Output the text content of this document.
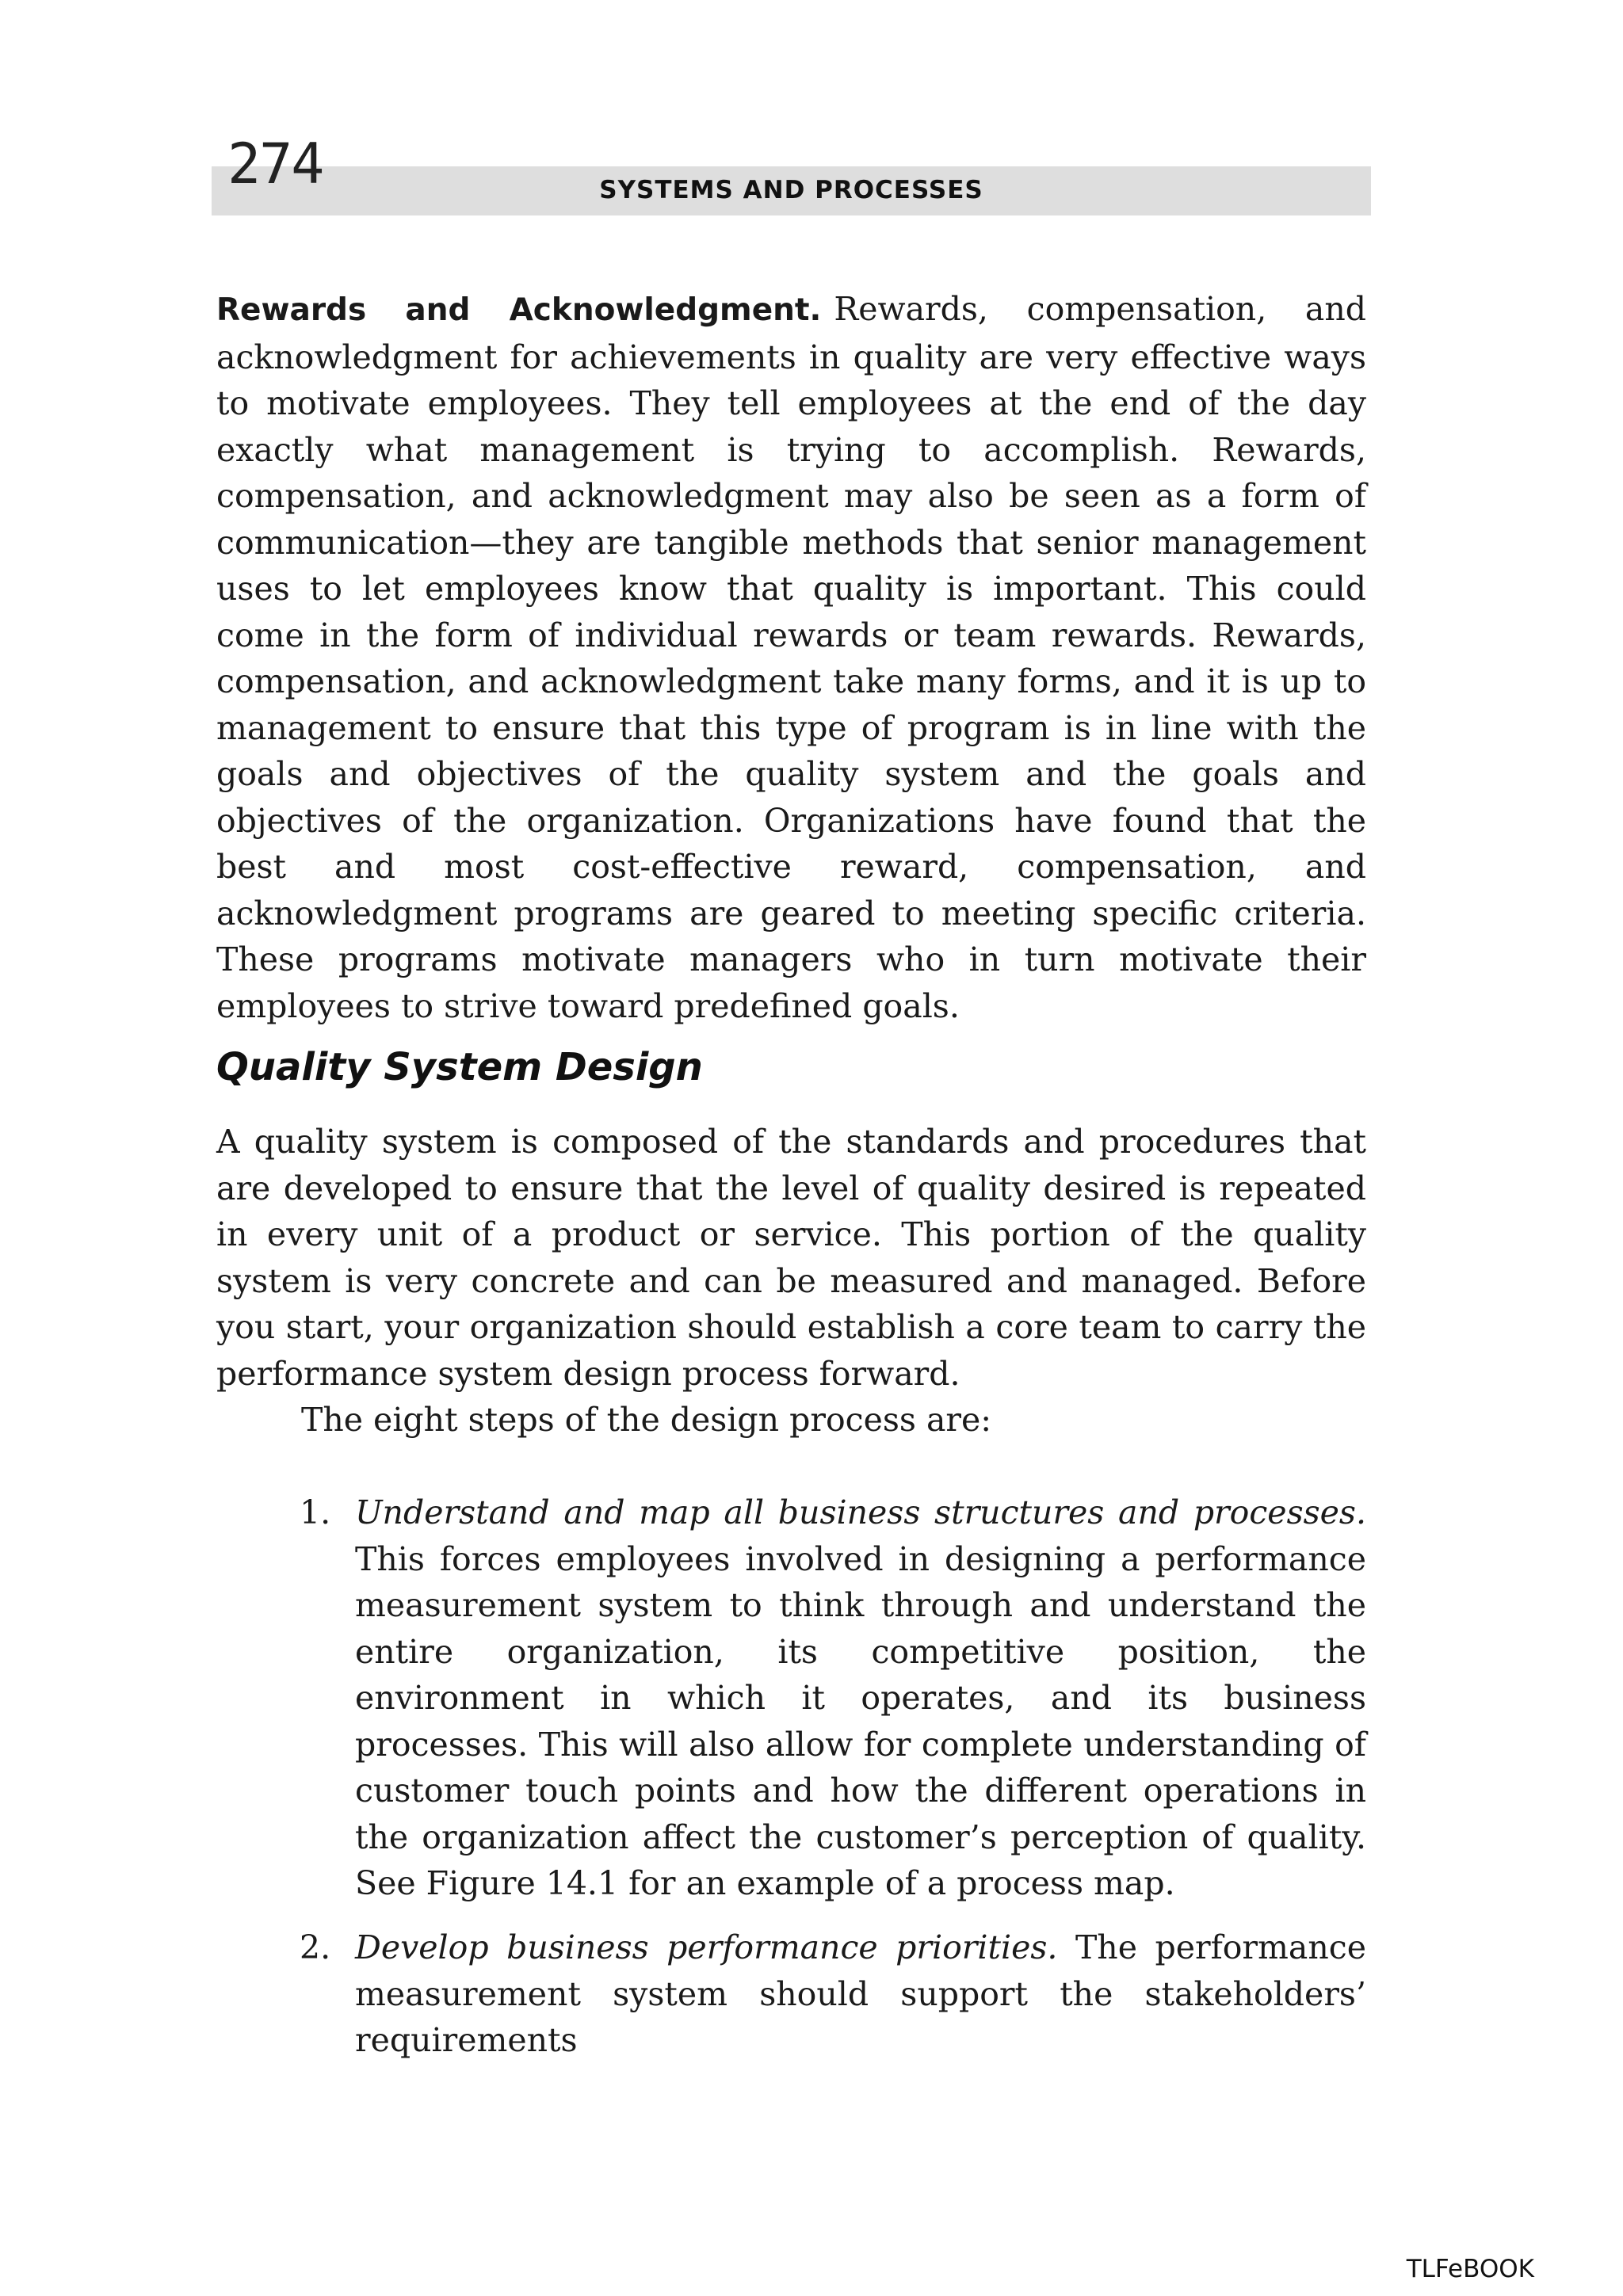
274	SYSTEMS AND PROCESSES
Rewards and Acknowledgment. Rewards, compensation, and acknowledgment for achievements in quality are very effective ways to motivate employees. They tell employees at the end of the day exactly what management is trying to accomplish. Rewards, compensation, and acknowledgment may also be seen as a form of communication—they are tangible methods that senior management uses to let employees know that quality is important. This could come in the form of individual rewards or team rewards. Rewards, compensation, and acknowledgment take many forms, and it is up to management to ensure that this type of program is in line with the goals and objectives of the quality system and the goals and objectives of the organization. Organizations have found that the best and most cost-effective reward, compensation, and acknowledgment programs are geared to meeting specific criteria. These programs motivate managers who in turn motivate their employees to strive toward predefined goals.
Quality System Design
A quality system is composed of the standards and procedures that are developed to ensure that the level of quality desired is repeated in every unit of a product or service. This portion of the quality system is very concrete and can be measured and managed. Before you start, your organization should establish a core team to carry the performance system design process forward.
The eight steps of the design process are:
1. Understand and map all business structures and processes. This forces employees involved in designing a performance measurement system to think through and understand the entire organization, its competitive position, the environment in which it operates, and its business processes. This will also allow for complete understanding of customer touch points and how the different operations in the organization affect the customer’s perception of quality. See Figure 14.1 for an example of a process map.
2. Develop business performance priorities. The performance measurement system should support the stakeholders’ requirements
TLFeBOOK
